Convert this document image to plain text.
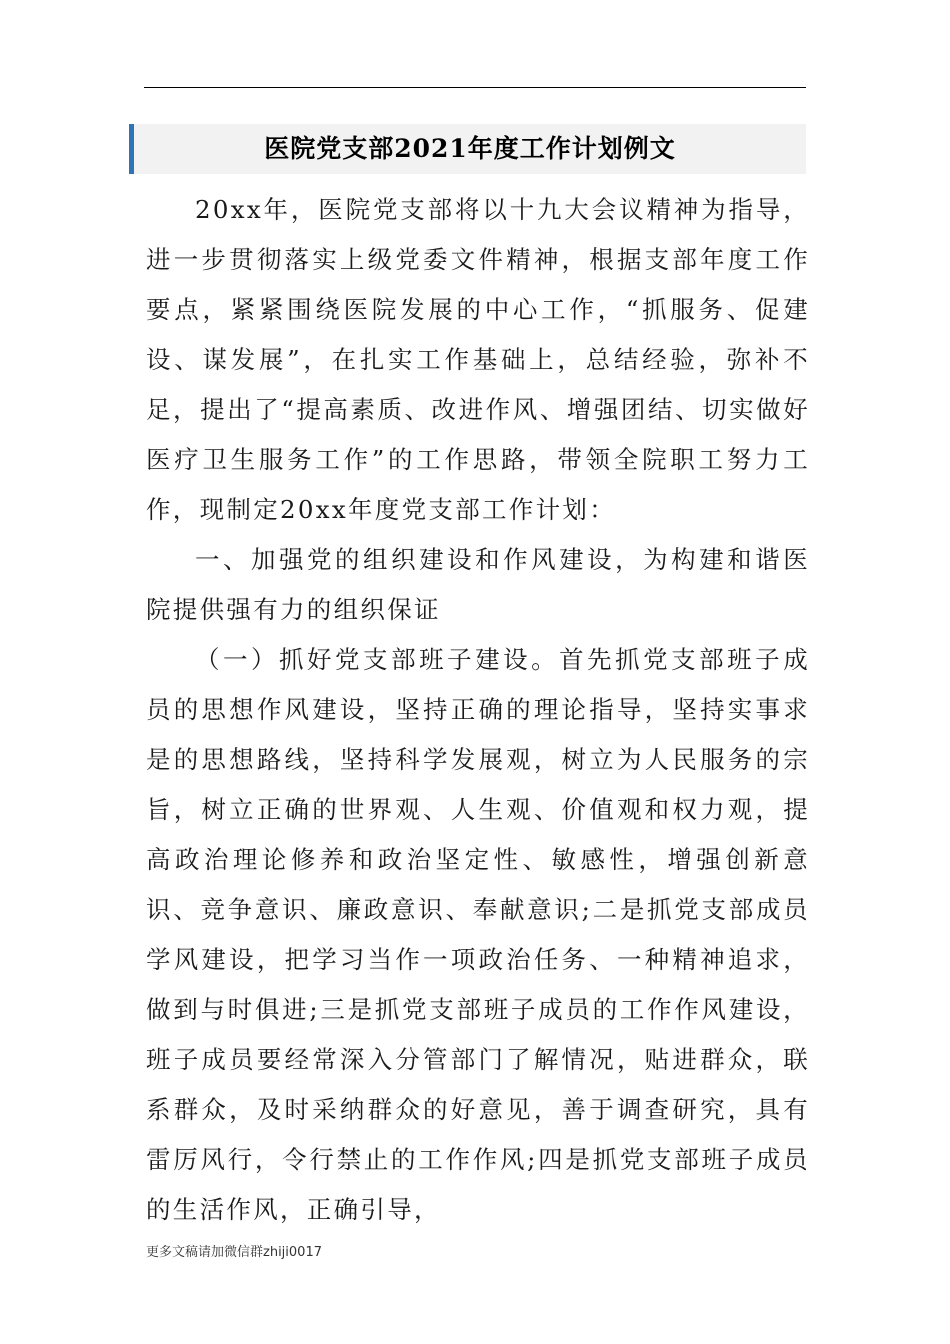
医院党支部2021年度工作计划例文

20xx年，医院党支部将以十九大会议精神为指导，进一步贯彻落实上级党委文件精神，根据支部年度工作要点，紧紧围绕医院发展的中心工作，“抓服务、促建设、谋发展”，在扎实工作基础上，总结经验，弥补不足，提出了“提高素质、改进作风、增强团结、切实做好医疗卫生服务工作”的工作思路，带领全院职工努力工作，现制定20xx年度党支部工作计划：

一、加强党的组织建设和作风建设，为构建和谐医院提供强有力的组织保证

（一）抓好党支部班子建设。首先抓党支部班子成员的思想作风建设，坚持正确的理论指导，坚持实事求是的思想路线，坚持科学发展观，树立为人民服务的宗旨，树立正确的世界观、人生观、价值观和权力观，提高政治理论修养和政治坚定性、敏感性，增强创新意识、竞争意识、廉政意识、奉献意识;二是抓党支部成员学风建设，把学习当作一项政治任务、一种精神追求，做到与时俱进;三是抓党支部班子成员的工作作风建设，班子成员要经常深入分管部门了解情况，贴进群众，联系群众，及时采纳群众的好意见，善于调查研究，具有雷厉风行，令行禁止的工作作风;四是抓党支部班子成员的生活作风，正确引导，

更多文稿请加微信群zhiji0017
